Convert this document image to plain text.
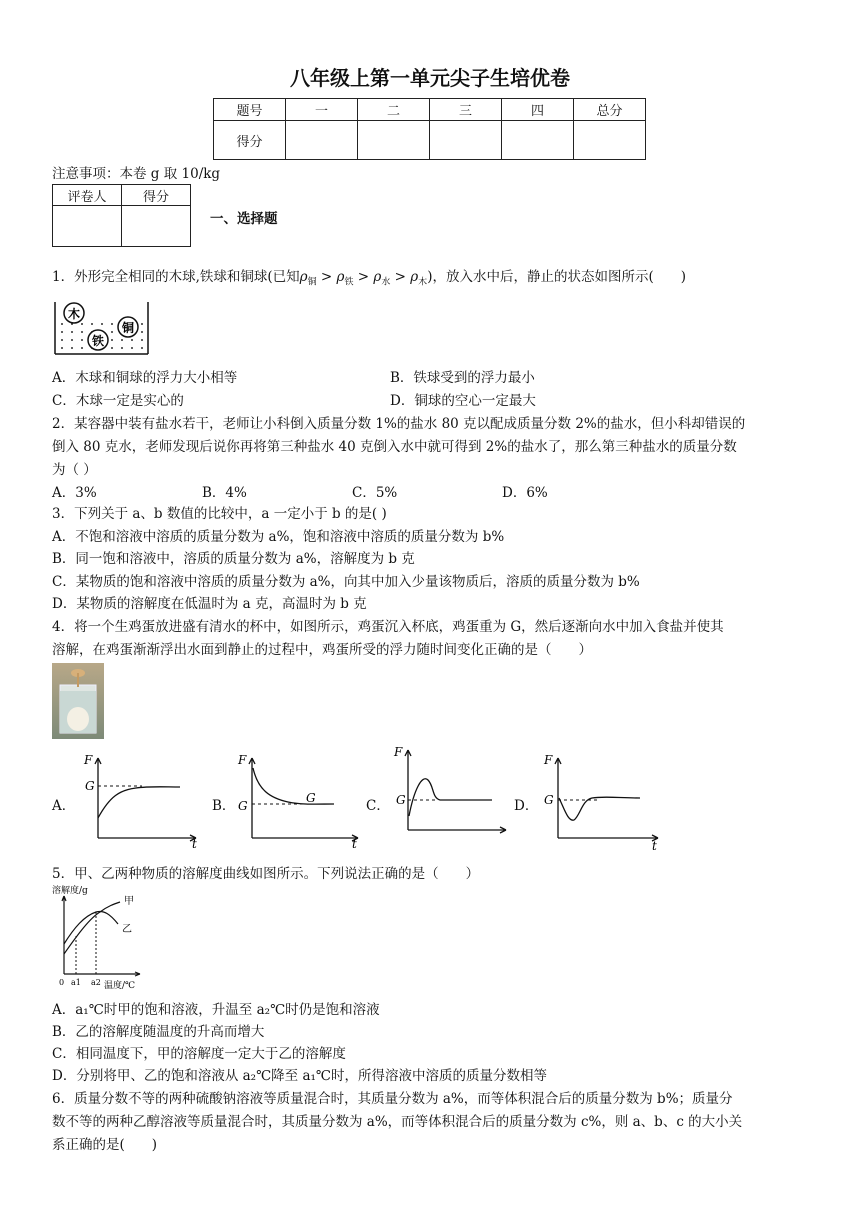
八年级上第一单元尖子生培优卷
题号	一	二	三	四	总分
得分					
注意事项：本卷 g 取 10/kg
评卷人	得分

一、选择题
1．外形完全相同的木球,铁球和铜球(已知$\rho_铜 > \rho_铁 > \rho_水 > \rho_木$)，放入水中后，静止的状态如图所示(　　)
木
铁
铜
A．木球和铜球的浮力大小相等	B．铁球受到的浮力最小
C．木球一定是实心的	D．铜球的空心一定最大
2．某容器中装有盐水若干，老师让小科倒入质量分数 1%的盐水 80 克以配成质量分数 2%的盐水，但小科却错误的
倒入 80 克水，老师发现后说你再将第三种盐水 40 克倒入水中就可得到 2%的盐水了，那么第三种盐水的质量分数
为（ ）
A．3%	B．4%	C．5%	D．6%
3．下列关于 a、b 数值的比较中，a 一定小于 b 的是( )
A．不饱和溶液中溶质的质量分数为 a%，饱和溶液中溶质的质量分数为 b%
B．同一饱和溶液中，溶质的质量分数为 a%，溶解度为 b 克
C．某物质的饱和溶液中溶质的质量分数为 a%，向其中加入少量该物质后，溶质的质量分数为 b%
D．某物质的溶解度在低温时为 a 克，高温时为 b 克
4．将一个生鸡蛋放进盛有清水的杯中，如图所示，鸡蛋沉入杯底，鸡蛋重为 G，然后逐渐向水中加入食盐并使其
溶解，在鸡蛋渐渐浮出水面到静止的过程中，鸡蛋所受的浮力随时间变化正确的是（　　）
A．
F
G
t
B．
F
G
G
t
C．
F
G	D．
F
G
t
5．甲、乙两种物质的溶解度曲线如图所示。下列说法正确的是（　　）
溶解度/g
甲
乙
0 a1 a2 温度/℃
A．a₁℃时甲的饱和溶液，升温至 a₂℃时仍是饱和溶液
B．乙的溶解度随温度的升高而增大
C．相同温度下，甲的溶解度一定大于乙的溶解度
D．分别将甲、乙的饱和溶液从 a₂℃降至 a₁℃时，所得溶液中溶质的质量分数相等
6．质量分数不等的两种硫酸钠溶液等质量混合时，其质量分数为 a%，而等体积混合后的质量分数为 b%；质量分
数不等的两种乙醇溶液等质量混合时，其质量分数为 a%，而等体积混合后的质量分数为 c%，则 a、b、c 的大小关
系正确的是(　　)
